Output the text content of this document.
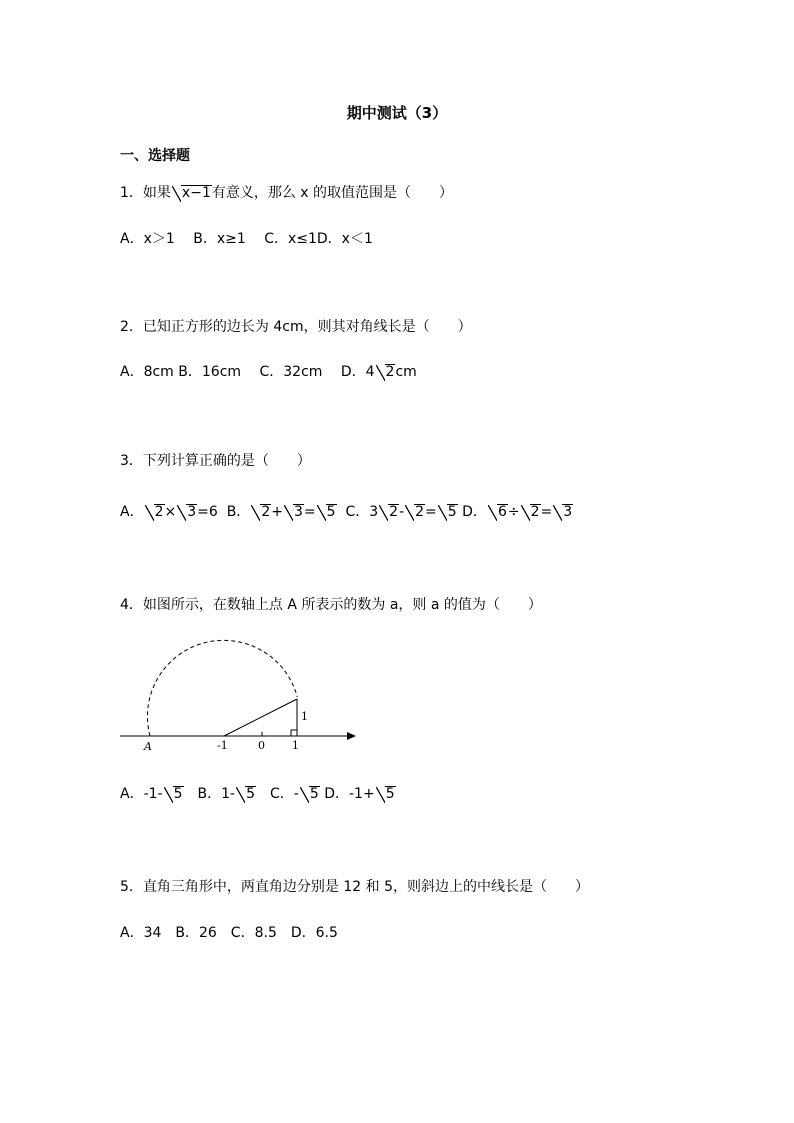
期中测试（3）
一、选择题
1．如果 x−1有意义，那么 x 的取值范围是（　　）
A．x＞1　 B．x≥1　 C．x≤1D．x＜1
2．已知正方形的边长为 4cm，则其对角线长是（　　）
A．8cm B．16cm　 C．32cm　 D．4 2cm
3．下列计算正确的是（　　）
A． 2× 3=6  B． 2+ 3= 5  C．3 2- 2= 5 D． 6÷ 2= 3
4．如图所示，在数轴上点 A 所表示的数为 a，则 a 的值为（　　）
A	-1	0 1
1
A．-1- 5　B．1- 5　C．- 5 D．-1+ 5
5．直角三角形中，两直角边分别是 12 和 5，则斜边上的中线长是（　　）
A．34　B．26　C．8.5　D．6.5
